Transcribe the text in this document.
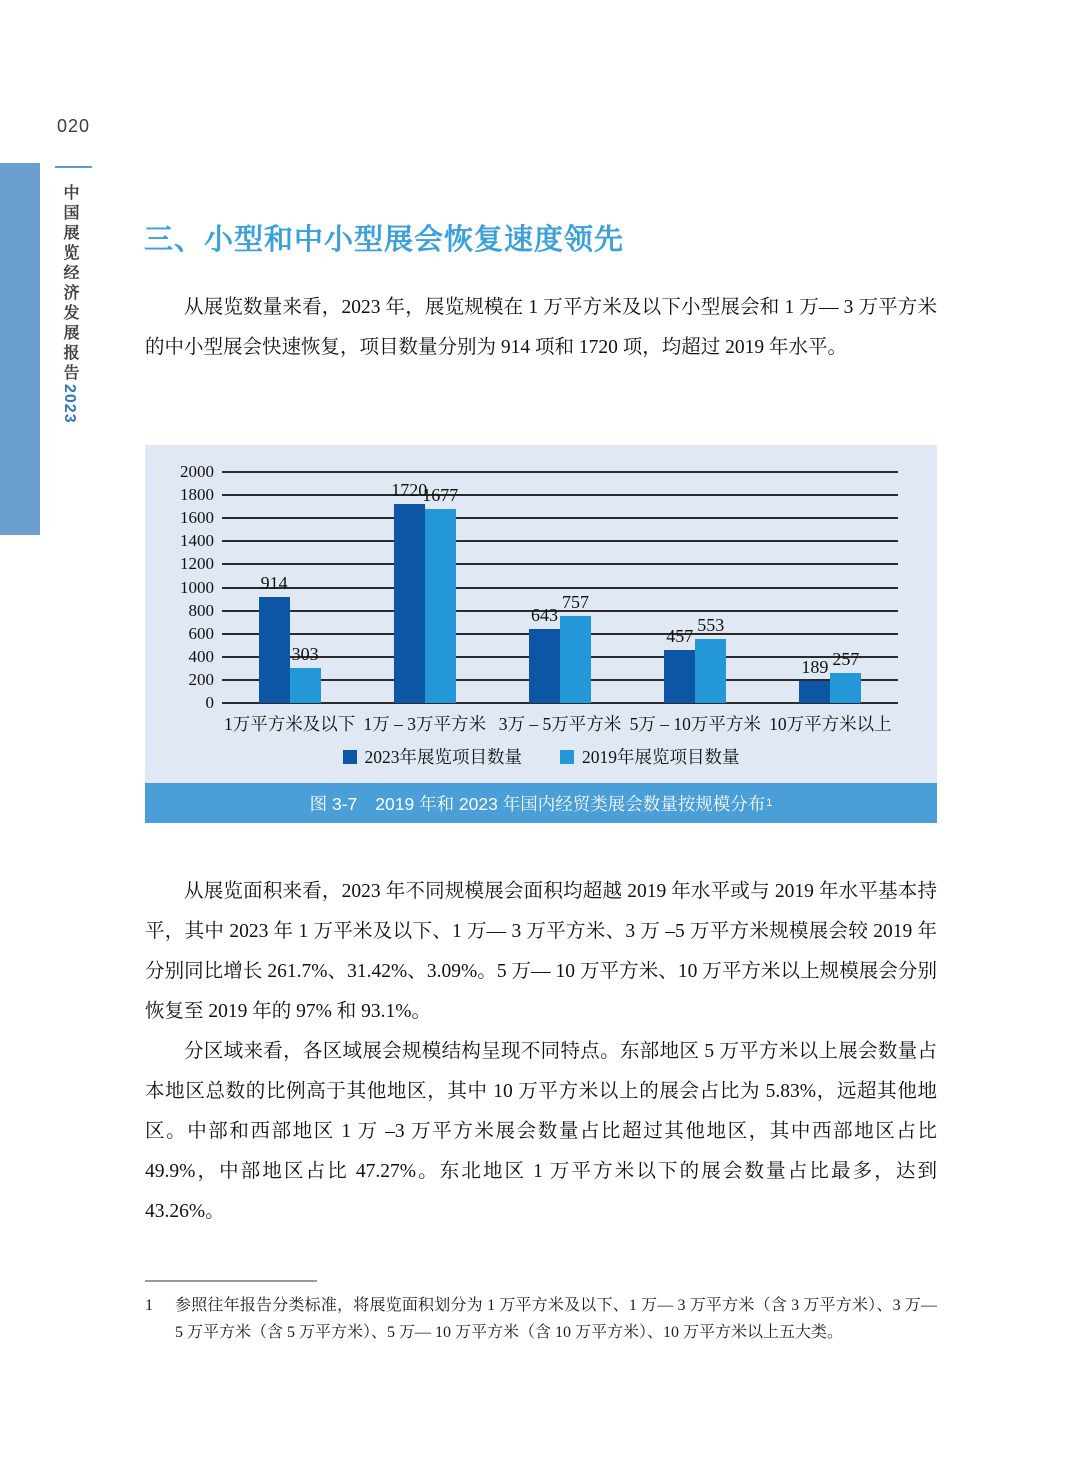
020
中国展览经济发展报告2023
三、小型和中小型展会恢复速度领先

从展览数量来看，2023 年，展览规模在 1 万平方米及以下小型展会和 1 万— 3 万平方米的中小型展会快速恢复，项目数量分别为 914 项和 1720 项，均超过 2019 年水平。

2000
1800
1600
1400
1200
1000
800
600
400
200
0
914
303
1720
1677
643
757
457
553
189 257
1万平方米及以下 1万 – 3万平方米 3万 – 5万平方米 5万 – 10万平方米 10万平方米以上
2023年展览项目数量	2019年展览项目数量
图 3-7 2019 年和 2023 年国内经贸类展会数量按规模分布 1

从展览面积来看，2023 年不同规模展会面积均超越 2019 年水平或与 2019 年水平基本持平，其中 2023 年 1 万平米及以下、1 万— 3 万平方米、3 万 –5 万平方米规模展会较 2019 年分别同比增长 261.7%、31.42%、3.09%。5 万— 10 万平方米、10 万平方米以上规模展会分别恢复至 2019 年的 97% 和 93.1%。

分区域来看，各区域展会规模结构呈现不同特点。东部地区 5 万平方米以上展会数量占本地区总数的比例高于其他地区，其中 10 万平方米以上的展会占比为 5.83%，远超其他地区。中部和西部地区 1 万 –3 万平方米展会数量占比超过其他地区，其中西部地区占比 49.9%，中部地区占比 47.27%。东北地区 1 万平方米以下的展会数量占比最多，达到 43.26%。

1	参照往年报告分类标准，将展览面积划分为 1 万平方米及以下、1 万— 3 万平方米（含 3 万平方米）、3 万— 5 万平方米（含 5 万平方米）、5 万— 10 万平方米（含 10 万平方米）、10 万平方米以上五大类。
